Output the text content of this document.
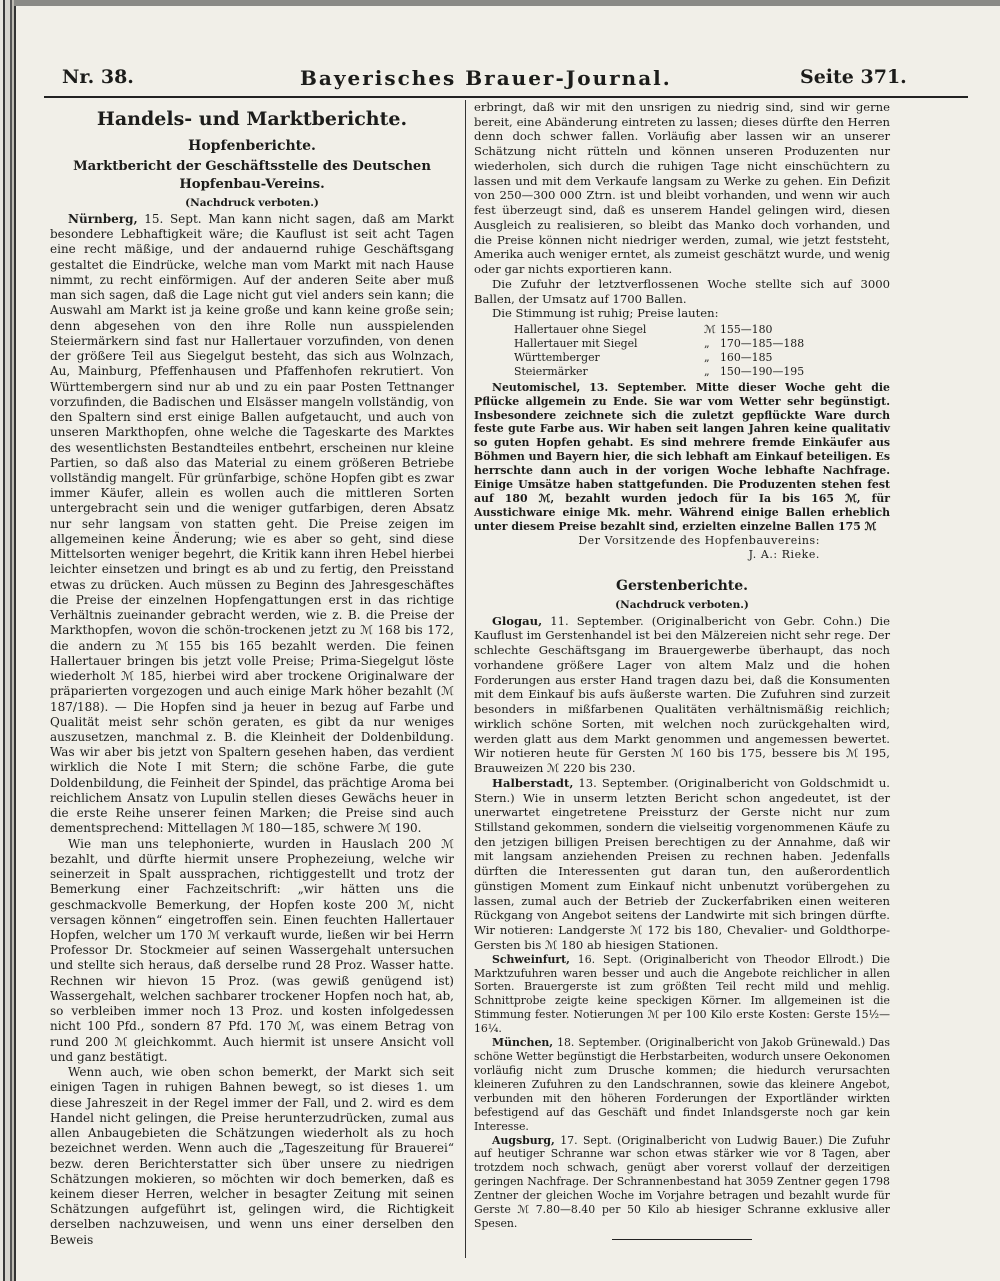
Nr. 38.	Bayerisches Brauer-Journal.	Seite 371.
Handels- und Marktberichte.
Hopfenberichte.
Marktbericht der Geschäftsstelle des Deutschen Hopfenbau-Vereins.
(Nachdruck verboten.)

Nürnberg, 15. Sept. Man kann nicht sagen, daß am Markt besondere Lebhaftigkeit wäre; die Kauflust ist seit acht Tagen eine recht mäßige, und der andauernd ruhige Geschäftsgang gestaltet die Eindrücke, welche man vom Markt mit nach Hause nimmt, zu recht einförmigen. Auf der anderen Seite aber muß man sich sagen, daß die Lage nicht gut viel anders sein kann; die Auswahl am Markt ist ja keine große und kann keine große sein; denn abgesehen von den ihre Rolle nun ausspielenden Steiermärkern sind fast nur Hallertauer vorzufinden, von denen der größere Teil aus Siegelgut besteht, das sich aus Wolnzach, Au, Mainburg, Pfeffenhausen und Pfaffenhofen rekrutiert. Von Württembergern sind nur ab und zu ein paar Posten Tettnanger vorzufinden, die Badischen und Elsässer mangeln vollständig, von den Spaltern sind erst einige Ballen aufgetaucht, und auch von unseren Markthopfen, ohne welche die Tageskarte des Marktes des wesentlichsten Bestandteiles entbehrt, erscheinen nur kleine Partien, so daß also das Material zu einem größeren Betriebe vollständig mangelt. Für grünfarbige, schöne Hopfen gibt es zwar immer Käufer, allein es wollen auch die mittleren Sorten untergebracht sein und die weniger gutfarbigen, deren Absatz nur sehr langsam von statten geht. Die Preise zeigen im allgemeinen keine Änderung; wie es aber so geht, sind diese Mittelsorten weniger begehrt, die Kritik kann ihren Hebel hierbei leichter einsetzen und bringt es ab und zu fertig, den Preisstand etwas zu drücken. Auch müssen zu Beginn des Jahresgeschäftes die Preise der einzelnen Hopfengattungen erst in das richtige Verhältnis zueinander gebracht werden, wie z. B. die Preise der Markthopfen, wovon die schön-trockenen jetzt zu ℳ 168 bis 172, die andern zu ℳ 155 bis 165 bezahlt werden. Die feinen Hallertauer bringen bis jetzt volle Preise; Prima-Siegelgut löste wiederholt ℳ 185, hierbei wird aber trockene Originalware der präparierten vorgezogen und auch einige Mark höher bezahlt (ℳ 187/188). — Die Hopfen sind ja heuer in bezug auf Farbe und Qualität meist sehr schön geraten, es gibt da nur weniges auszusetzen, manchmal z. B. die Kleinheit der Doldenbildung. Was wir aber bis jetzt von Spaltern gesehen haben, das verdient wirklich die Note I mit Stern; die schöne Farbe, die gute Doldenbildung, die Feinheit der Spindel, das prächtige Aroma bei reichlichem Ansatz von Lupulin stellen dieses Gewächs heuer in die erste Reihe unserer feinen Marken; die Preise sind auch dementsprechend: Mittellagen ℳ 180—185, schwere ℳ 190.

Wie man uns telephonierte, wurden in Hauslach 200 ℳ bezahlt, und dürfte hiermit unsere Prophezeiung, welche wir seinerzeit in Spalt aussprachen, richtiggestellt und trotz der Bemerkung einer Fachzeitschrift: „wir hätten uns die geschmackvolle Bemerkung, der Hopfen koste 200 ℳ, nicht versagen können“ eingetroffen sein. Einen feuchten Hallertauer Hopfen, welcher um 170 ℳ verkauft wurde, ließen wir bei Herrn Professor Dr. Stockmeier auf seinen Wassergehalt untersuchen und stellte sich heraus, daß derselbe rund 28 Proz. Wasser hatte. Rechnen wir hievon 15 Proz. (was gewiß genügend ist) Wassergehalt, welchen sachbarer trockener Hopfen noch hat, ab, so verbleiben immer noch 13 Proz. und kosten infolgedessen nicht 100 Pfd., sondern 87 Pfd. 170 ℳ, was einem Betrag von rund 200 ℳ gleichkommt. Auch hiermit ist unsere Ansicht voll und ganz bestätigt.

Wenn auch, wie oben schon bemerkt, der Markt sich seit einigen Tagen in ruhigen Bahnen bewegt, so ist dieses 1. um diese Jahreszeit in der Regel immer der Fall, und 2. wird es dem Handel nicht gelingen, die Preise herunterzudrücken, zumal aus allen Anbaugebieten die Schätzungen wiederholt als zu hoch bezeichnet werden. Wenn auch die „Tageszeitung für Brauerei“ bezw. deren Berichterstatter sich über unsere zu niedrigen Schätzungen mokieren, so möchten wir doch bemerken, daß es keinem dieser Herren, welcher in besagter Zeitung mit seinen Schätzungen aufgeführt ist, gelingen wird, die Richtigkeit derselben nachzuweisen, und wenn uns einer derselben den Beweis

erbringt, daß wir mit den unsrigen zu niedrig sind, sind wir gerne bereit, eine Abänderung eintreten zu lassen; dieses dürfte den Herren denn doch schwer fallen. Vorläufig aber lassen wir an unserer Schätzung nicht rütteln und können unseren Produzenten nur wiederholen, sich durch die ruhigen Tage nicht einschüchtern zu lassen und mit dem Verkaufe langsam zu Werke zu gehen. Ein Defizit von 250—300 000 Ztrn. ist und bleibt vorhanden, und wenn wir auch fest überzeugt sind, daß es unserem Handel gelingen wird, diesen Ausgleich zu realisieren, so bleibt das Manko doch vorhanden, und die Preise können nicht niedriger werden, zumal, wie jetzt feststeht, Amerika auch weniger erntet, als zumeist geschätzt wurde, und wenig oder gar nichts exportieren kann.

Die Zufuhr der letztverflossenen Woche stellte sich auf 3000 Ballen, der Umsatz auf 1700 Ballen.

Die Stimmung ist ruhig; Preise lauten:

Hallertauer ohne Siegel	ℳ 155—180
Hallertauer mit Siegel	„ 170—185—188
Württemberger	„ 160—185
Steiermärker	„ 150—190—195

Neutomischel, 13. September. Mitte dieser Woche geht die Pflücke allgemein zu Ende. Sie war vom Wetter sehr begünstigt. Insbesondere zeichnete sich die zuletzt gepflückte Ware durch feste gute Farbe aus. Wir haben seit langen Jahren keine qualitativ so guten Hopfen gehabt. Es sind mehrere fremde Einkäufer aus Böhmen und Bayern hier, die sich lebhaft am Einkauf beteiligen. Es herrschte dann auch in der vorigen Woche lebhafte Nachfrage. Einige Umsätze haben stattgefunden. Die Produzenten stehen fest auf 180 ℳ, bezahlt wurden jedoch für Ia bis 165 ℳ, für Ausstichware einige Mk. mehr. Während einige Ballen erheblich unter diesem Preise bezahlt sind, erzielten einzelne Ballen 175 ℳ

Der Vorsitzende des Hopfenbauvereins:
J. A.: Rieke.
Gerstenberichte.
(Nachdruck verboten.)

Glogau, 11. September. (Originalbericht von Gebr. Cohn.) Die Kauflust im Gerstenhandel ist bei den Mälzereien nicht sehr rege. Der schlechte Geschäftsgang im Brauergewerbe überhaupt, das noch vorhandene größere Lager von altem Malz und die hohen Forderungen aus erster Hand tragen dazu bei, daß die Konsumenten mit dem Einkauf bis aufs äußerste warten. Die Zufuhren sind zurzeit besonders in mißfarbenen Qualitäten verhältnismäßig reichlich; wirklich schöne Sorten, mit welchen noch zurückgehalten wird, werden glatt aus dem Markt genommen und angemessen bewertet. Wir notieren heute für Gersten ℳ 160 bis 175, bessere bis ℳ 195, Brauweizen ℳ 220 bis 230.

Halberstadt, 13. September. (Originalbericht von Goldschmidt u. Stern.) Wie in unserm letzten Bericht schon angedeutet, ist der unerwartet eingetretene Preissturz der Gerste nicht nur zum Stillstand gekommen, sondern die vielseitig vorgenommenen Käufe zu den jetzigen billigen Preisen berechtigen zu der Annahme, daß wir mit langsam anziehenden Preisen zu rechnen haben. Jedenfalls dürften die Interessenten gut daran tun, den außerordentlich günstigen Moment zum Einkauf nicht unbenutzt vorübergehen zu lassen, zumal auch der Betrieb der Zuckerfabriken einen weiteren Rückgang von Angebot seitens der Landwirte mit sich bringen dürfte. Wir notieren: Landgerste ℳ 172 bis 180, Chevalier- und Goldthorpe-Gersten bis ℳ 180 ab hiesigen Stationen.

Schweinfurt, 16. Sept. (Originalbericht von Theodor Ellrodt.) Die Marktzufuhren waren besser und auch die Angebote reichlicher in allen Sorten. Brauergerste ist zum größten Teil recht mild und mehlig. Schnittprobe zeigte keine speckigen Körner. Im allgemeinen ist die Stimmung fester. Notierungen ℳ per 100 Kilo erste Kosten: Gerste 15½—16¼.

München, 18. September. (Originalbericht von Jakob Grünewald.) Das schöne Wetter begünstigt die Herbstarbeiten, wodurch unsere Oekonomen vorläufig nicht zum Drusche kommen; die hiedurch verursachten kleineren Zufuhren zu den Landschrannen, sowie das kleinere Angebot, verbunden mit den höheren Forderungen der Exportländer wirkten befestigend auf das Geschäft und findet Inlandsgerste noch gar kein Interesse.

Augsburg, 17. Sept. (Originalbericht von Ludwig Bauer.) Die Zufuhr auf heutiger Schranne war schon etwas stärker wie vor 8 Tagen, aber trotzdem noch schwach, genügt aber vorerst vollauf der derzeitigen geringen Nachfrage. Der Schrannenbestand hat 3059 Zentner gegen 1798 Zentner der gleichen Woche im Vorjahre betragen und bezahlt wurde für Gerste ℳ 7.80—8.40 per 50 Kilo ab hiesiger Schranne exklusive aller Spesen.
